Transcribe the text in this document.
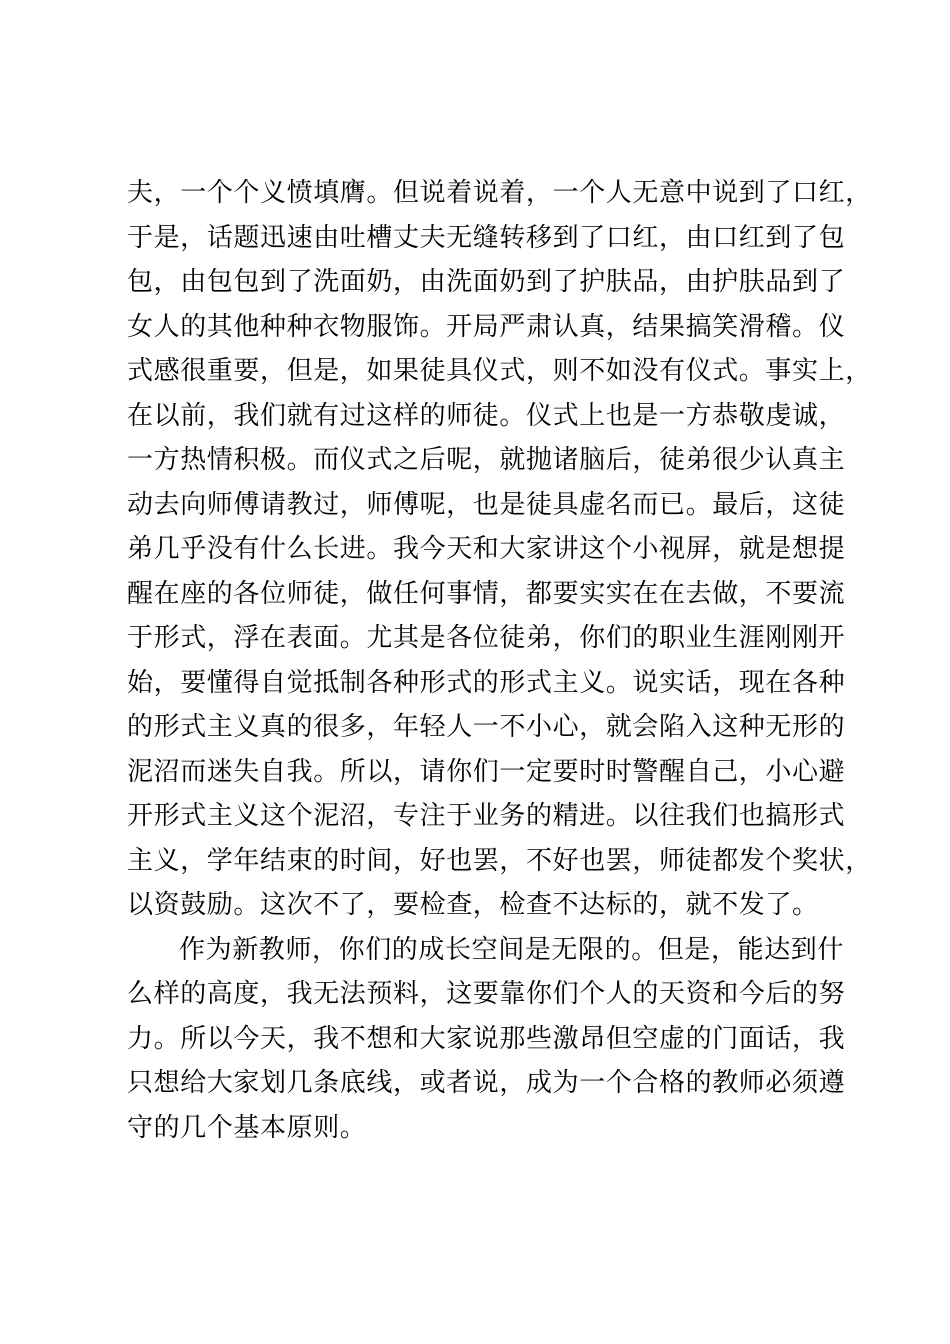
夫，一个个义愤填膺。但说着说着，一个人无意中说到了口红，
于是，话题迅速由吐槽丈夫无缝转移到了口红，由口红到了包
包，由包包到了洗面奶，由洗面奶到了护肤品，由护肤品到了
女人的其他种种衣物服饰。开局严肃认真，结果搞笑滑稽。仪
式感很重要，但是，如果徒具仪式，则不如没有仪式。事实上，
在以前，我们就有过这样的师徒。仪式上也是一方恭敬虔诚，
一方热情积极。而仪式之后呢，就抛诸脑后，徒弟很少认真主
动去向师傅请教过，师傅呢，也是徒具虚名而已。最后，这徒
弟几乎没有什么长进。我今天和大家讲这个小视屏，就是想提
醒在座的各位师徒，做任何事情，都要实实在在去做，不要流
于形式，浮在表面。尤其是各位徒弟，你们的职业生涯刚刚开
始，要懂得自觉抵制各种形式的形式主义。说实话，现在各种
的形式主义真的很多，年轻人一不小心，就会陷入这种无形的
泥沼而迷失自我。所以，请你们一定要时时警醒自己，小心避
开形式主义这个泥沼，专注于业务的精进。以往我们也搞形式
主义，学年结束的时间，好也罢，不好也罢，师徒都发个奖状，
以资鼓励。这次不了，要检查，检查不达标的，就不发了。
作为新教师，你们的成长空间是无限的。但是，能达到什
么样的高度，我无法预料，这要靠你们个人的天资和今后的努
力。所以今天，我不想和大家说那些激昂但空虚的门面话，我
只想给大家划几条底线，或者说，成为一个合格的教师必须遵
守的几个基本原则。
